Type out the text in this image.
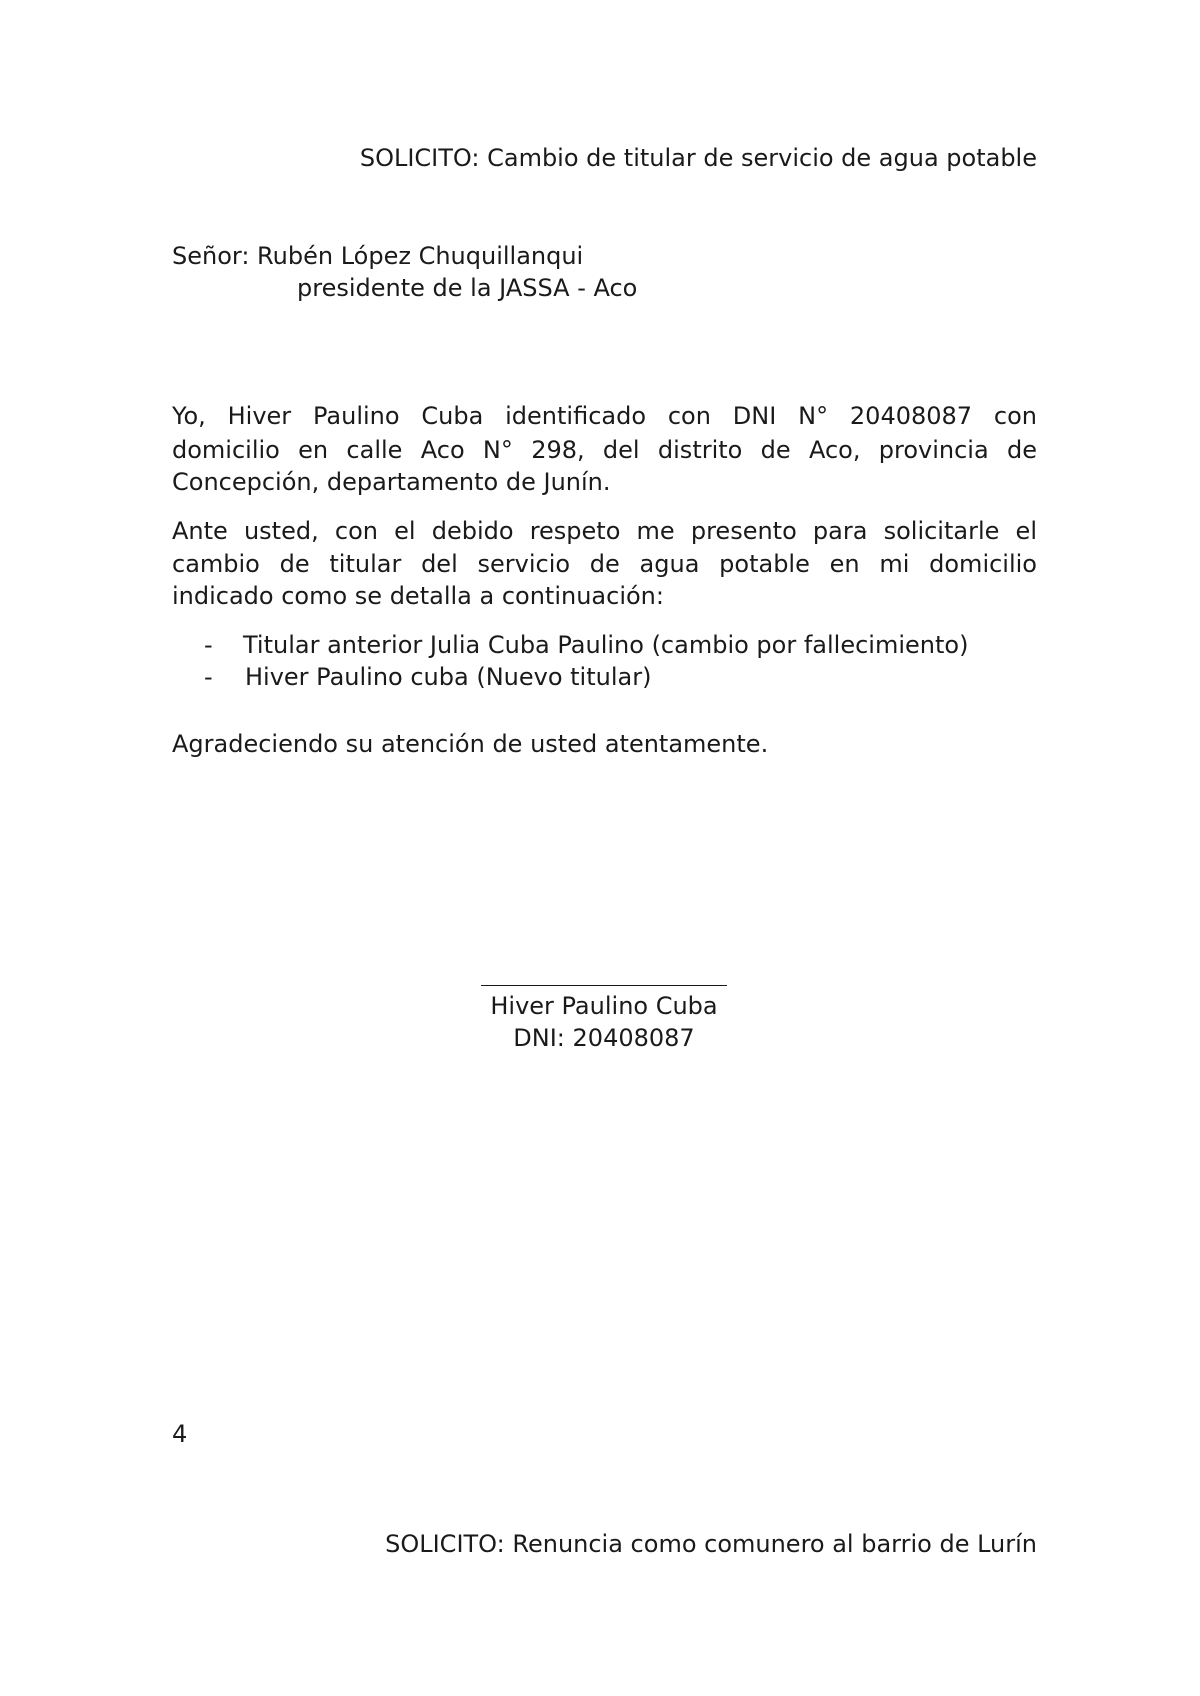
SOLICITO: Cambio de titular de servicio de agua potable
Señor: Rubén López Chuquillanqui
presidente de la JASSA - Aco
Yo, Hiver Paulino Cuba identificado con DNI N° 20408087 con
domicilio en calle Aco N° 298, del distrito de Aco, provincia de
Concepción, departamento de Junín.
Ante usted, con el debido respeto me presento para solicitarle el
cambio de titular del servicio de agua potable en mi domicilio
indicado como se detalla a continuación:
- Titular anterior Julia Cuba Paulino (cambio por fallecimiento)
- Hiver Paulino cuba (Nuevo titular)
Agradeciendo su atención de usted atentamente.
Hiver Paulino Cuba
DNI: 20408087
4
SOLICITO: Renuncia como comunero al barrio de Lurín
